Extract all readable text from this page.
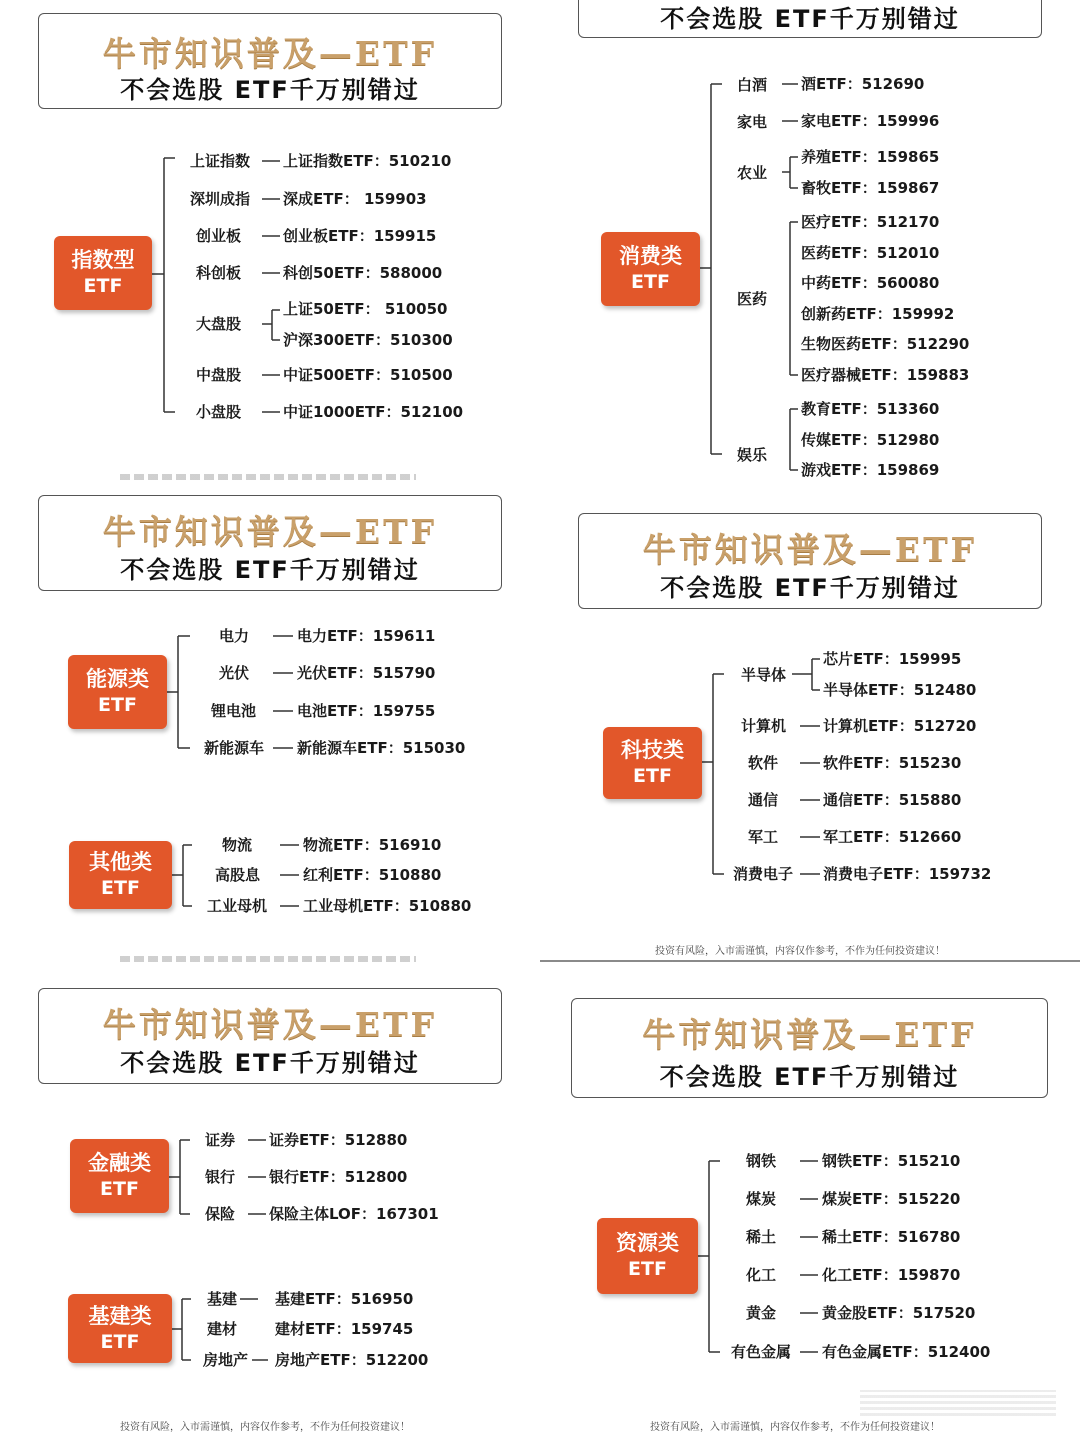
牛市知识普及—ETF
不会选股 ETF千万别错过
不会选股 ETF千万别错过
牛市知识普及—ETF
不会选股 ETF千万别错过
牛市知识普及—ETF
不会选股 ETF千万别错过
牛市知识普及—ETF
不会选股 ETF千万别错过
牛市知识普及—ETF
不会选股 ETF千万别错过
指数型
ETF
上证指数
深圳成指
创业板
科创板
大盘股
中盘股
小盘股
上证指数ETF：510210
深成ETF： 159903
创业板ETF：159915
科创50ETF：588000
上证50ETF： 510050
沪深300ETF：510300
中证500ETF：510500
中证1000ETF：512100
消费类
ETF
白酒
家电
农业
医药
娱乐
酒ETF：512690
家电ETF：159996
养殖ETF：159865
畜牧ETF：159867
医疗ETF：512170
医药ETF：512010
中药ETF：560080
创新药ETF：159992
生物医药ETF：512290
医疗器械ETF：159883
教育ETF：513360
传媒ETF：512980
游戏ETF：159869
能源类
ETF
电力
光伏
锂电池
新能源车
电力ETF：159611
光伏ETF：515790
电池ETF：159755
新能源车ETF：515030
其他类
ETF
物流
高股息
工业母机
物流ETF：516910
红利ETF：510880
工业母机ETF：510880
科技类
ETF
半导体
计算机
软件
通信
军工
消费电子
芯片ETF：159995
半导体ETF：512480
计算机ETF：512720
软件ETF：515230
通信ETF：515880
军工ETF：512660
消费电子ETF：159732
投资有风险，入市需谨慎，内容仅作参考，不作为任何投资建议！
金融类
ETF
证券
银行
保险
证券ETF：512880
银行ETF：512800
保险主体LOF：167301
基建类
ETF
基建
建材
房地产
基建ETF：516950
建材ETF：159745
房地产ETF：512200
投资有风险，入市需谨慎，内容仅作参考，不作为任何投资建议！
资源类
ETF
钢铁
煤炭
稀土
化工
黄金
有色金属
钢铁ETF：515210
煤炭ETF：515220
稀土ETF：516780
化工ETF：159870
黄金股ETF：517520
有色金属ETF：512400
投资有风险，入市需谨慎，内容仅作参考，不作为任何投资建议！
